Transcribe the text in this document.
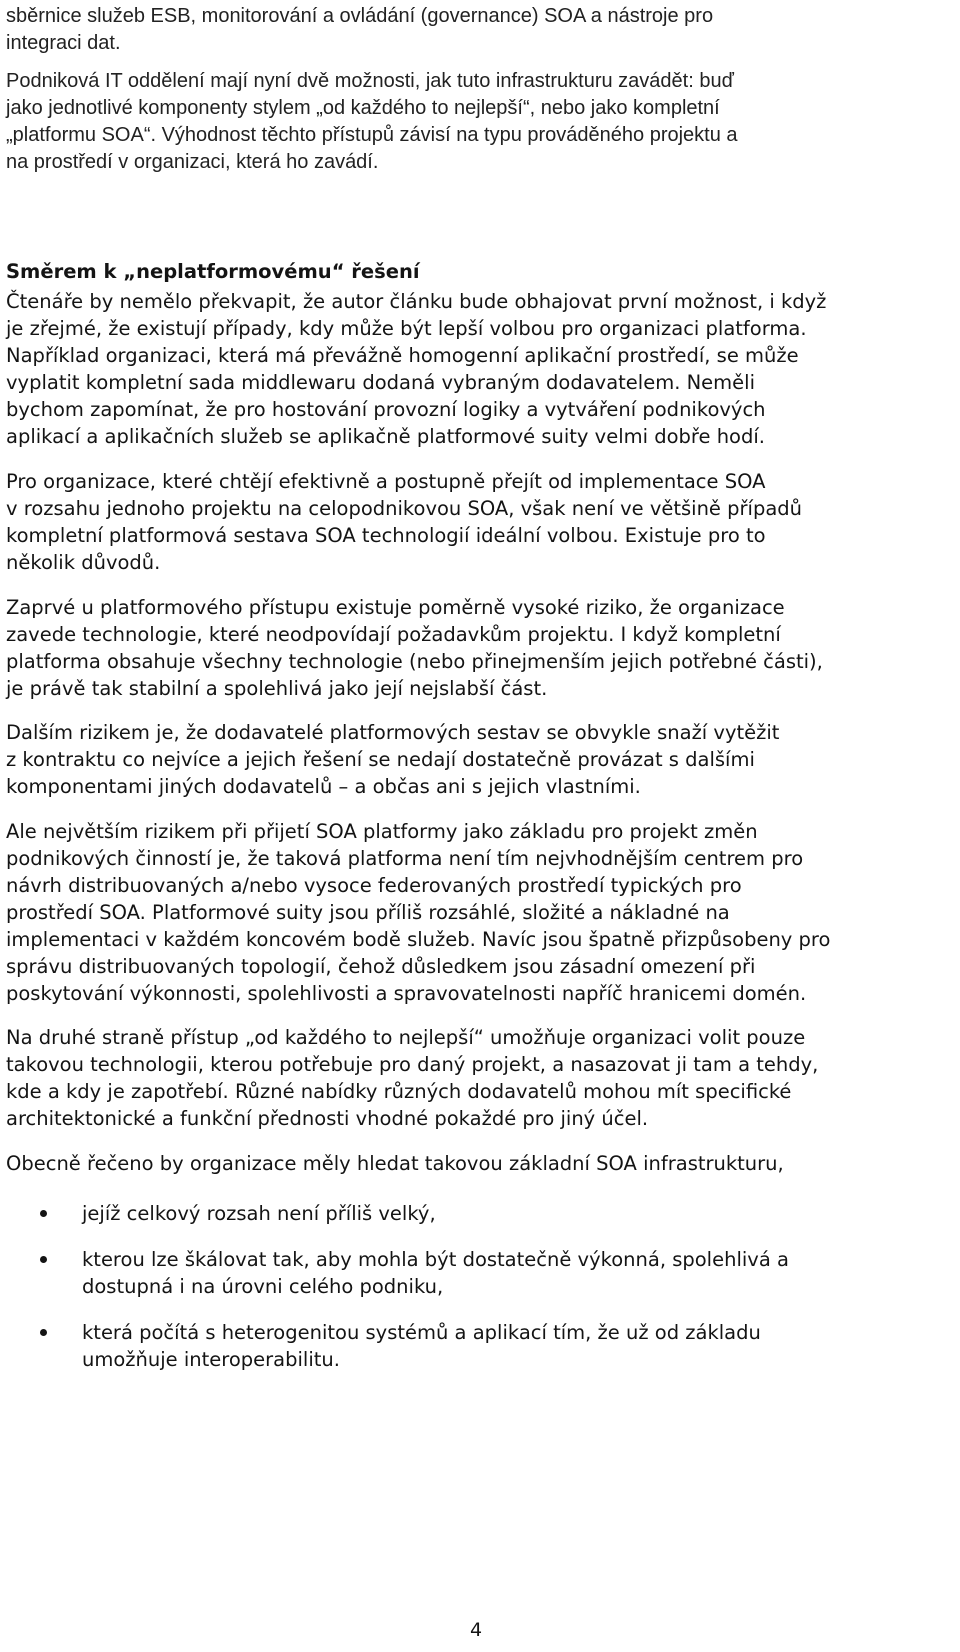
sběrnice služeb ESB, monitorování a ovládání (governance) SOA a nástroje pro
integraci dat.

Podniková IT oddělení mají nyní dvě možnosti, jak tuto infrastrukturu zavádět: buď
jako jednotlivé komponenty stylem „od každého to nejlepší“, nebo jako kompletní
„platformu SOA“. Výhodnost těchto přístupů závisí na typu prováděného projektu a
na prostředí v organizaci, která ho zavádí.

Směrem k „neplatformovému“ řešení

Čtenáře by nemělo překvapit, že autor článku bude obhajovat první možnost, i když
je zřejmé, že existují případy, kdy může být lepší volbou pro organizaci platforma.
Například organizaci, která má převážně homogenní aplikační prostředí, se může
vyplatit kompletní sada middlewaru dodaná vybraným dodavatelem. Neměli
bychom zapomínat, že pro hostování provozní logiky a vytváření podnikových
aplikací a aplikačních služeb se aplikačně platformové suity velmi dobře hodí.

Pro organizace, které chtějí efektivně a postupně přejít od implementace SOA
v rozsahu jednoho projektu na celopodnikovou SOA, však není ve většině případů
kompletní platformová sestava SOA technologií ideální volbou. Existuje pro to
několik důvodů.

Zaprvé u platformového přístupu existuje poměrně vysoké riziko, že organizace
zavede technologie, které neodpovídají požadavkům projektu. I když kompletní
platforma obsahuje všechny technologie (nebo přinejmenším jejich potřebné části),
je právě tak stabilní a spolehlivá jako její nejslabší část.

Dalším rizikem je, že dodavatelé platformových sestav se obvykle snaží vytěžit
z kontraktu co nejvíce a jejich řešení se nedají dostatečně provázat s dalšími
komponentami jiných dodavatelů – a občas ani s jejich vlastními.

Ale největším rizikem při přijetí SOA platformy jako základu pro projekt změn
podnikových činností je, že taková platforma není tím nejvhodnějším centrem pro
návrh distribuovaných a/nebo vysoce federovaných prostředí typických pro
prostředí SOA. Platformové suity jsou příliš rozsáhlé, složité a nákladné na
implementaci v každém koncovém bodě služeb. Navíc jsou špatně přizpůsobeny pro
správu distribuovaných topologií, čehož důsledkem jsou zásadní omezení při
poskytování výkonnosti, spolehlivosti a spravovatelnosti napříč hranicemi domén.

Na druhé straně přístup „od každého to nejlepší“ umožňuje organizaci volit pouze
takovou technologii, kterou potřebuje pro daný projekt, a nasazovat ji tam a tehdy,
kde a kdy je zapotřebí. Různé nabídky různých dodavatelů mohou mít specifické
architektonické a funkční přednosti vhodné pokaždé pro jiný účel.

Obecně řečeno by organizace měly hledat takovou základní SOA infrastrukturu,

jejíž celkový rozsah není příliš velký,

kterou lze škálovat tak, aby mohla být dostatečně výkonná, spolehlivá a
dostupná i na úrovni celého podniku,

která počítá s heterogenitou systémů a aplikací tím, že už od základu
umožňuje interoperabilitu.

4
